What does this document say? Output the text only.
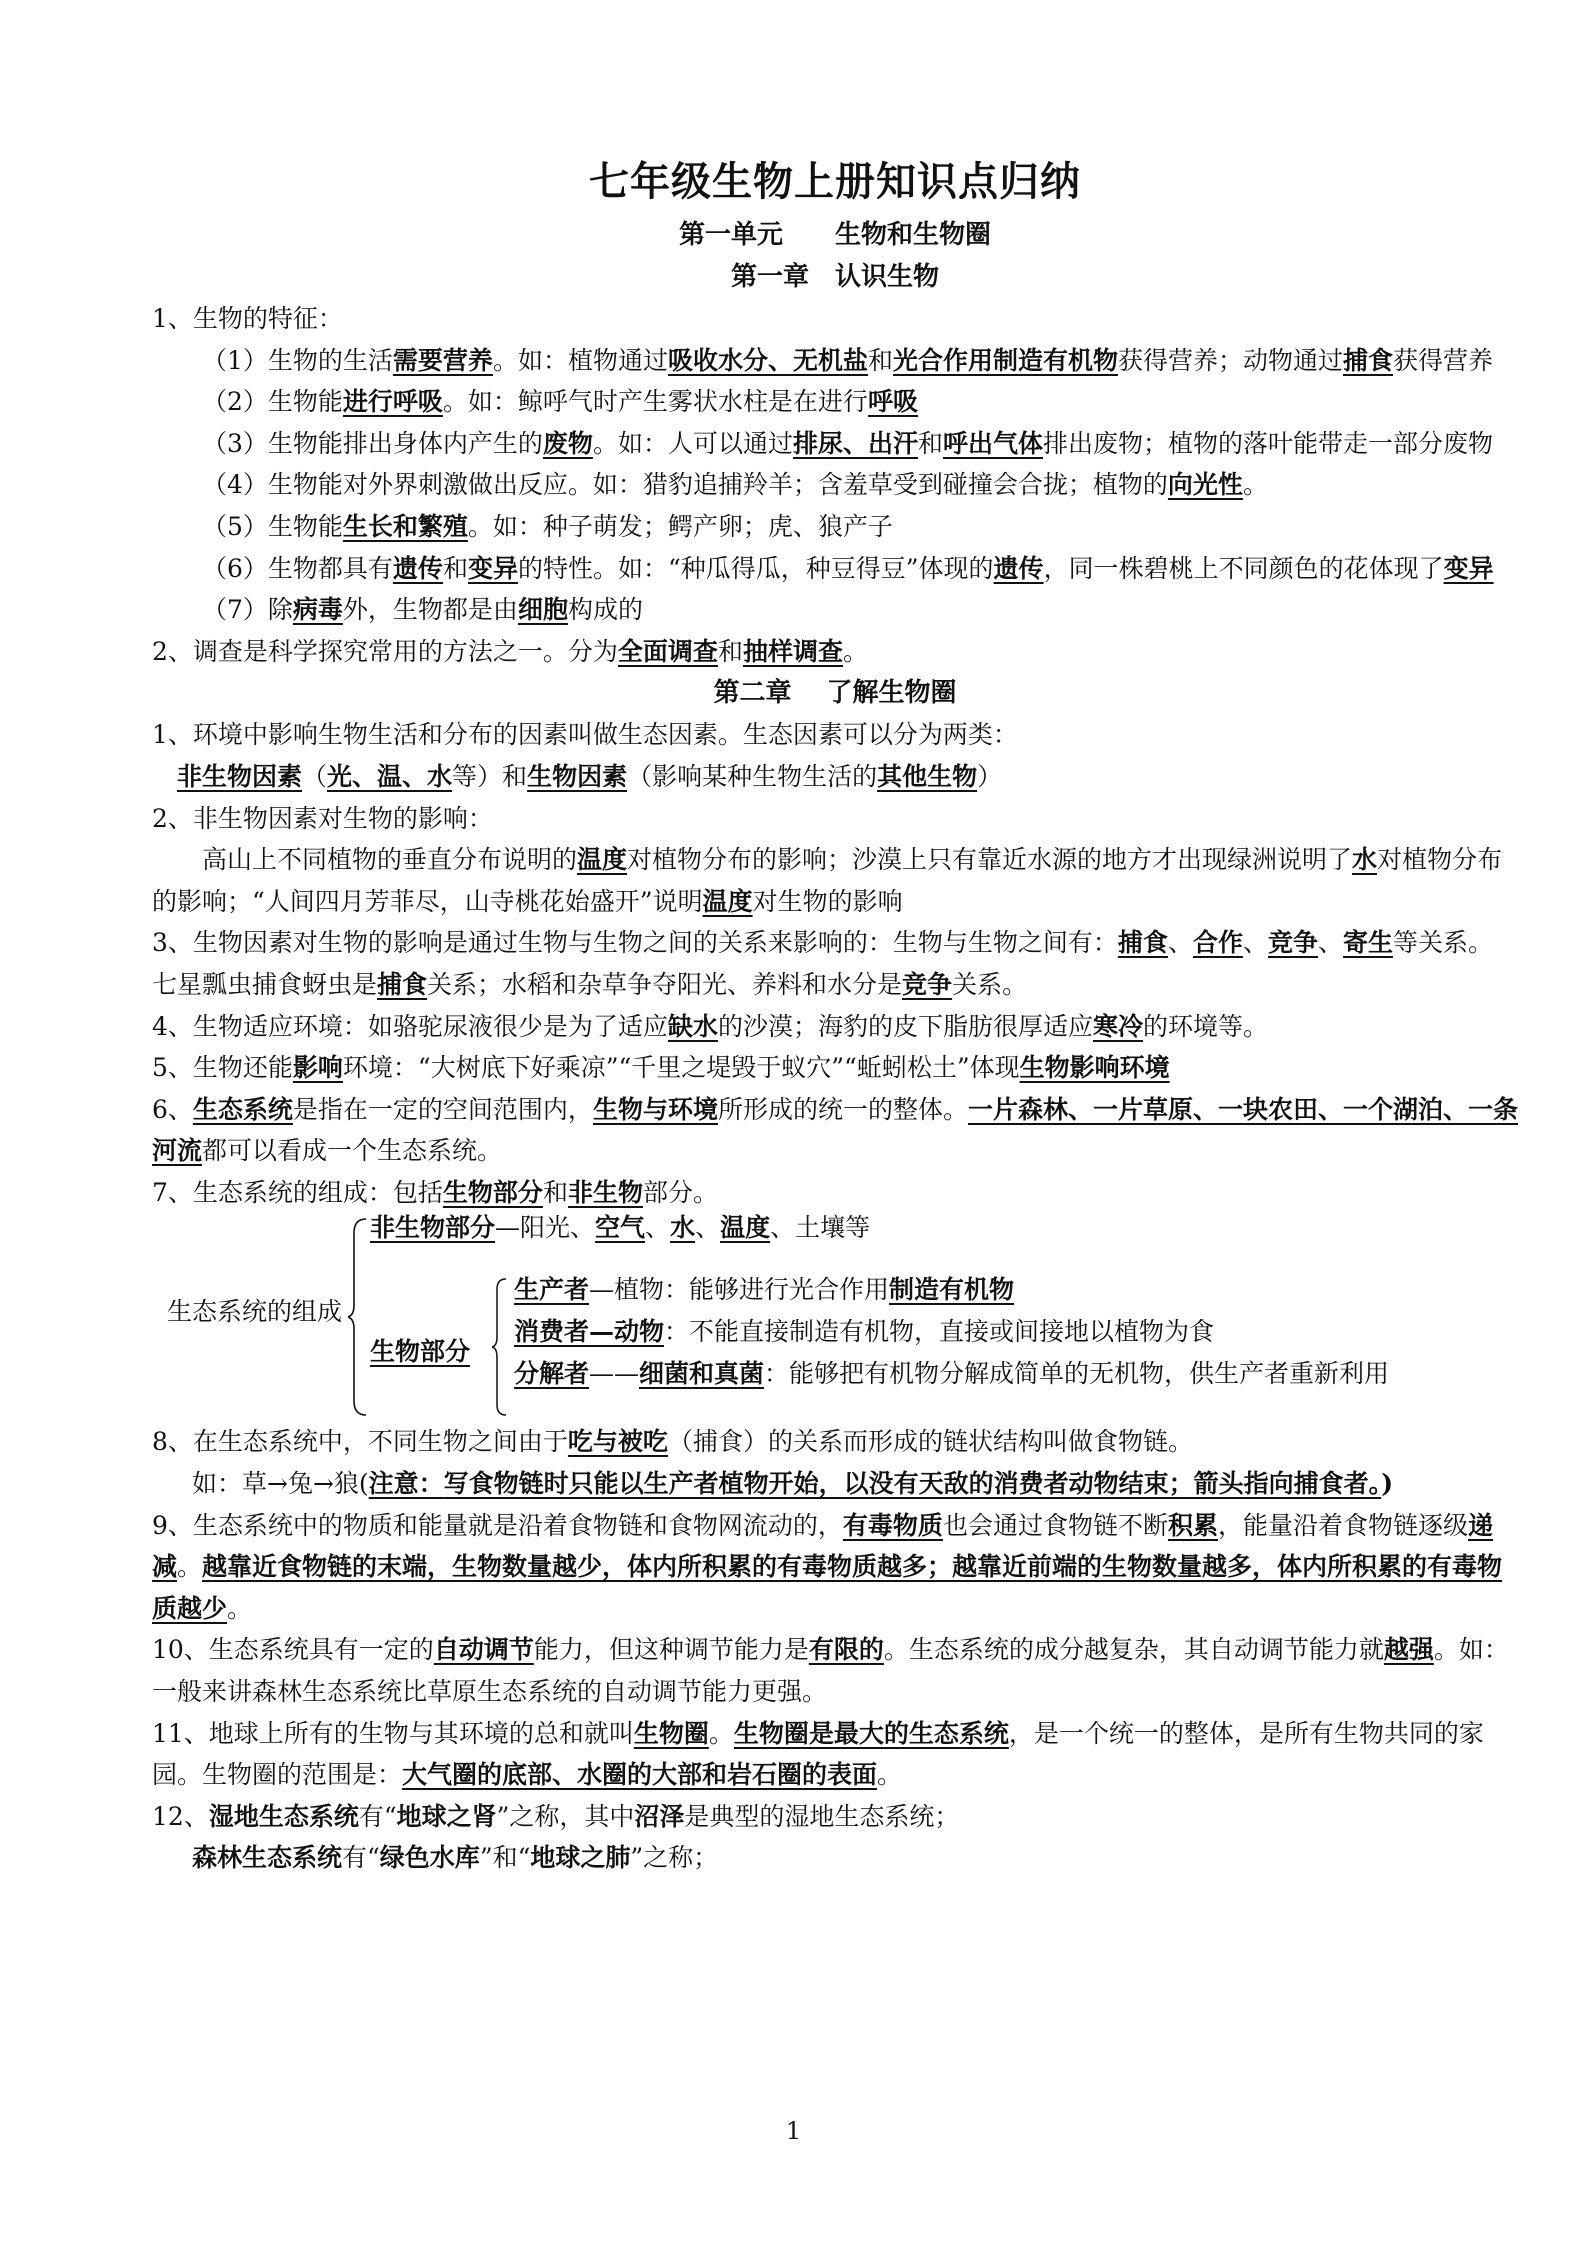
七年级生物上册知识点归纳
第一单元　　生物和生物圈
第一章　认识生物

1、生物的特征：

（1）生物的生活需要营养。如：植物通过吸收水分、无机盐和光合作用制造有机物获得营养；动物通过捕食获得营养

（2）生物能进行呼吸。如：鲸呼气时产生雾状水柱是在进行呼吸

（3）生物能排出身体内产生的废物。如：人可以通过排尿、出汗和呼出气体排出废物；植物的落叶能带走一部分废物

（4）生物能对外界刺激做出反应。如：猎豹追捕羚羊；含羞草受到碰撞会合拢；植物的向光性。

（5）生物能生长和繁殖。如：种子萌发；鳄产卵；虎、狼产子

（6）生物都具有遗传和变异的特性。如：“种瓜得瓜，种豆得豆”体现的遗传，同一株碧桃上不同颜色的花体现了变异

（7）除病毒外，生物都是由细胞构成的

2、调查是科学探究常用的方法之一。分为全面调查和抽样调查。

第二章　 了解生物圈

1、环境中影响生物生活和分布的因素叫做生态因素。生态因素可以分为两类：

非生物因素（光、温、水等）和生物因素（影响某种生物生活的其他生物）

2、非生物因素对生物的影响：

高山上不同植物的垂直分布说明的温度对植物分布的影响；沙漠上只有靠近水源的地方才出现绿洲说明了水对植物分布的影响；“人间四月芳菲尽，山寺桃花始盛开”说明温度对生物的影响

3、生物因素对生物的影响是通过生物与生物之间的关系来影响的：生物与生物之间有：捕食、合作、竞争、寄生等关系。七星瓢虫捕食蚜虫是捕食关系；水稻和杂草争夺阳光、养料和水分是竞争关系。

4、生物适应环境：如骆驼尿液很少是为了适应缺水的沙漠；海豹的皮下脂肪很厚适应寒冷的环境等。

5、生物还能影响环境：“大树底下好乘凉”“千里之堤毁于蚁穴”“蚯蚓松土”体现生物影响环境

6、生态系统是指在一定的空间范围内，生物与环境所形成的统一的整体。一片森林、一片草原、一块农田、一个湖泊、一条河流都可以看成一个生态系统。

7、生态系统的组成：包括生物部分和非生物部分。

生态系统的组成
非生物部分—阳光、空气、水、温度、土壤等
生物部分
生产者—植物：能够进行光合作用制造有机物
消费者—动物：不能直接制造有机物，直接或间接地以植物为食
分解者——细菌和真菌：能够把有机物分解成简单的无机物，供生产者重新利用

8、在生态系统中，不同生物之间由于吃与被吃（捕食）的关系而形成的链状结构叫做食物链。

如：草→兔→狼(注意：写食物链时只能以生产者植物开始，以没有天敌的消费者动物结束；箭头指向捕食者。)

9、生态系统中的物质和能量就是沿着食物链和食物网流动的，有毒物质也会通过食物链不断积累，能量沿着食物链逐级递减。越靠近食物链的末端，生物数量越少，体内所积累的有毒物质越多；越靠近前端的生物数量越多，体内所积累的有毒物质越少。

10、生态系统具有一定的自动调节能力，但这种调节能力是有限的。生态系统的成分越复杂，其自动调节能力就越强。如：一般来讲森林生态系统比草原生态系统的自动调节能力更强。

11、地球上所有的生物与其环境的总和就叫生物圈。生物圈是最大的生态系统，是一个统一的整体，是所有生物共同的家园。生物圈的范围是：大气圈的底部、水圈的大部和岩石圈的表面。

12、湿地生态系统有“地球之肾”之称，其中沼泽是典型的湿地生态系统；

森林生态系统有“绿色水库”和“地球之肺”之称；

1
